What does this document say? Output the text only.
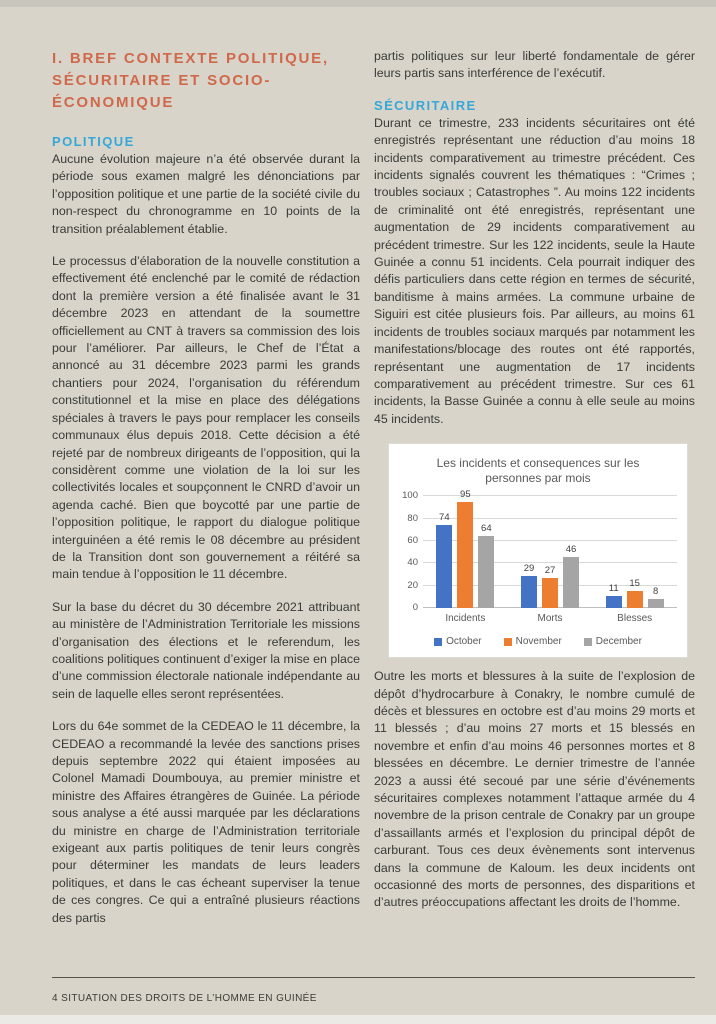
I. BREF CONTEXTE POLITIQUE, SÉCURITAIRE ET SOCIO-ÉCONOMIQUE
POLITIQUE

Aucune évolution majeure n’a été observée durant la période sous examen malgré les dénonciations par l’opposition politique et une partie de la société civile du non-respect du chronogramme en 10 points de la transition préalablement établie.

Le processus d’élaboration de la nouvelle constitution a effectivement été enclenché par le comité de rédaction dont la première version a été finalisée avant le 31 décembre 2023 en attendant de la soumettre officiellement au CNT à travers sa commission des lois pour l’améliorer. Par ailleurs, le Chef de l’État a annoncé au 31 décembre 2023 parmi les grands chantiers pour 2024, l’organisation du référendum constitutionnel et la mise en place des délégations spéciales à travers le pays pour remplacer les conseils communaux élus depuis 2018. Cette décision a été rejeté par de nombreux dirigeants de l’opposition, qui la considèrent comme une violation de la loi sur les collectivités locales et soupçonnent le CNRD d’avoir un agenda caché. Bien que boycotté par une partie de l’opposition politique, le rapport du dialogue politique interguinéen a été remis le 08 décembre au président de la Transition dont son gouvernement a réitéré sa main tendue à l’opposition le 11 décembre.

Sur la base du décret du 30 décembre 2021 attribuant au ministère de l’Administration Territoriale les missions d’organisation des élections et le referendum, les coalitions politiques continuent d’exiger la mise en place d’une commission électorale nationale indépendante au sein de laquelle elles seront représentées.

Lors du 64e sommet de la CEDEAO le 11 décembre, la CEDEAO a recommandé la levée des sanctions prises depuis septembre 2022 qui étaient imposées au Colonel Mamadi Doumbouya, au premier ministre et ministre des Affaires étrangères de Guinée. La période sous analyse a été aussi marquée par les déclarations du ministre en charge de l’Administration territoriale exigeant aux partis politiques de tenir leurs congrès pour déterminer les mandats de leurs leaders politiques, et dans le cas écheant superviser la tenue de ces congres. Ce qui a entraîné plusieurs réactions des partis

partis politiques sur leur liberté fondamentale de gérer leurs partis sans interférence de l’exécutif.

SÉCURITAIRE

Durant ce trimestre, 233 incidents sécuritaires ont été enregistrés représentant une réduction d’au moins 18 incidents comparativement au trimestre précédent. Ces incidents signalés couvrent les thématiques : “Crimes ; troubles sociaux ; Catastrophes ”. Au moins 122 incidents de criminalité ont été enregistrés, représentant une augmentation de 29 incidents comparativement au précédent trimestre. Sur les 122 incidents, seule la Haute Guinée a connu 51 incidents. Cela pourrait indiquer des défis particuliers dans cette région en termes de sécurité, banditisme à mains armées. La commune urbaine de Siguiri est citée plusieurs fois. Par ailleurs, au moins 61 incidents de troubles sociaux marqués par notamment les manifestations/blocage des routes ont été rapportés, représentant une augmentation de 17 incidents comparativement au précédent trimestre. Sur ces 61 incidents, la Basse Guinée a connu à elle seule au moins 45 incidents.

Les incidents et consequences sur les personnes par mois
0
20
40
60
80
100
74
95
64
29 27
46
11 15
8
Incidents	Morts	Blesses
October	November	December

Outre les morts et blessures à la suite de l’explosion de dépôt d’hydrocarbure à Conakry, le nombre cumulé de décès et blessures en octobre est d’au moins 29 morts et 11 blessés ; d’au moins 27 morts et 15 blessés en novembre et enfin d’au moins 46 personnes mortes et 8 blessées en décembre. Le dernier trimestre de l’année 2023 a aussi été secoué par une série d’événements sécuritaires complexes notamment l’attaque armée du 4 novembre de la prison centrale de Conakry par un groupe d’assaillants armés et l’explosion du principal dépôt de carburant. Tous ces deux évènements sont intervenus dans la commune de Kaloum. les deux incidents ont occasionné des morts de personnes, des disparitions et d’autres préoccupations affectant les droits de l’homme.

4 SITUATION DES DROITS DE L’HOMME EN GUINÉE
